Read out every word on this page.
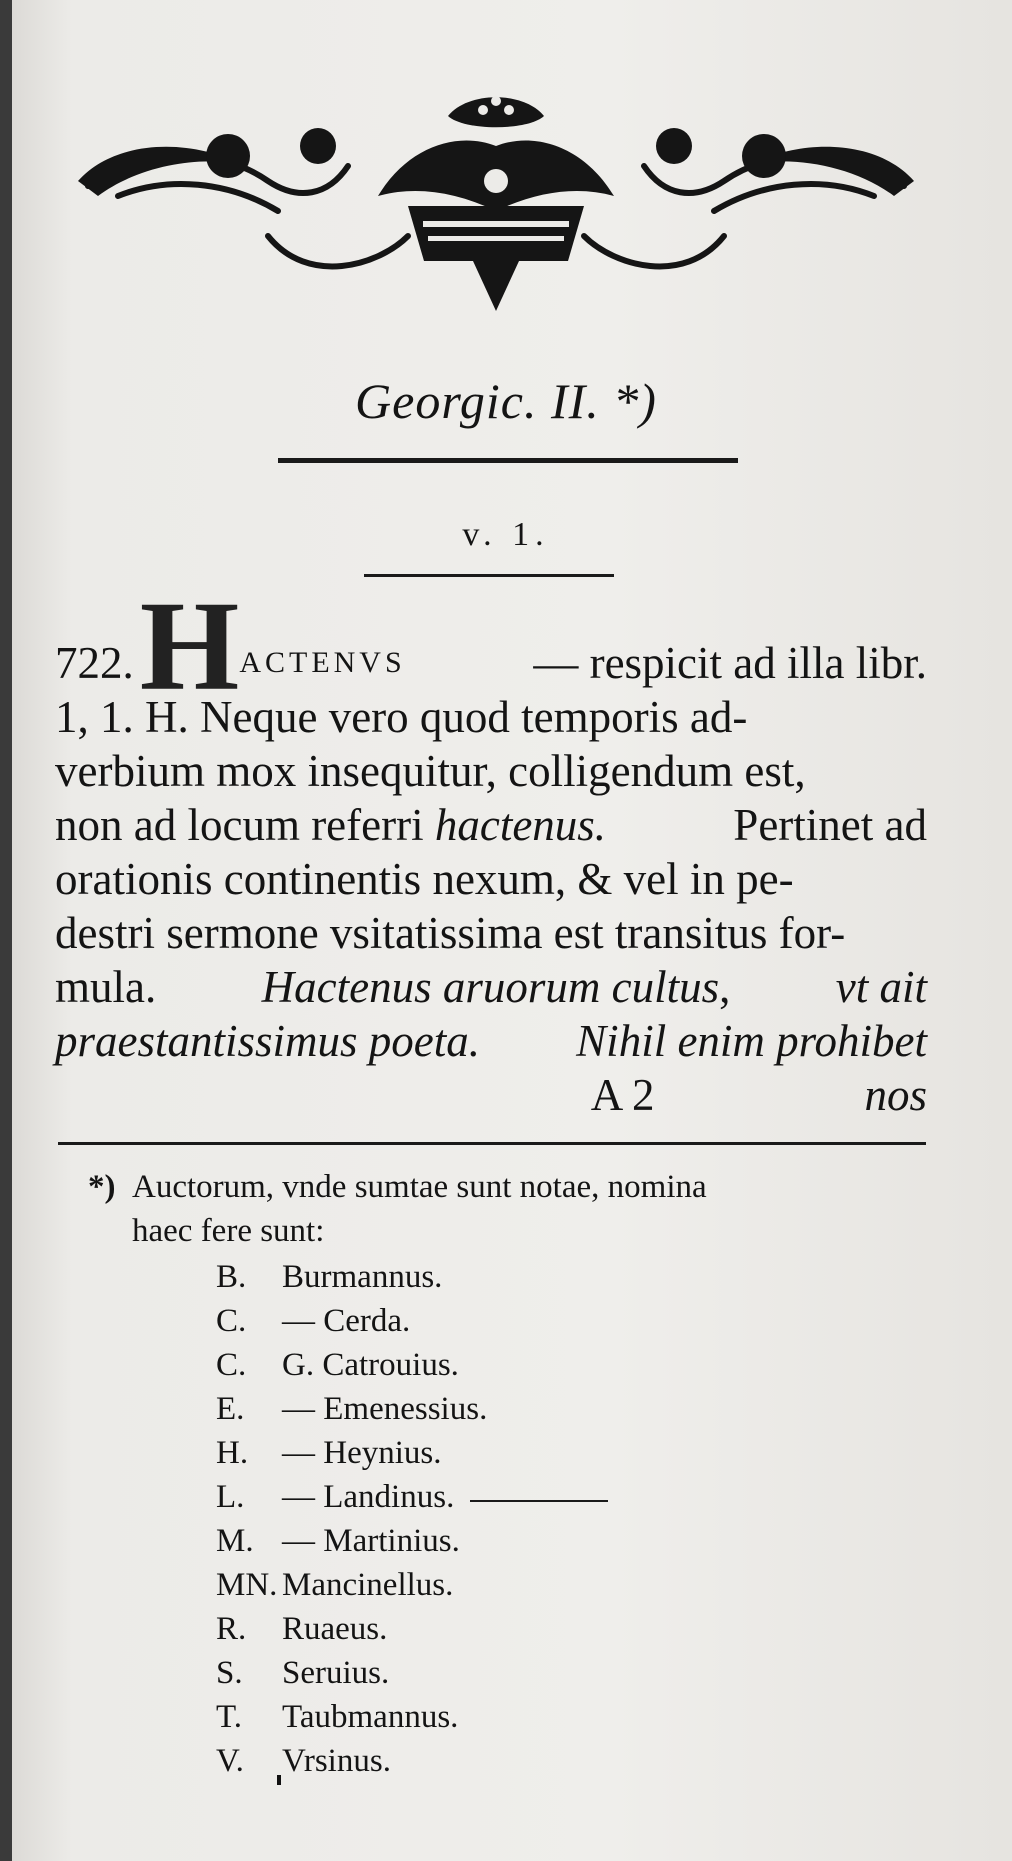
Georgic. II. *)
v. 1.
722. H ACTENVS	— respicit ad illa libr.
1, 1. H. Neque vero quod temporis ad-
verbium mox insequitur, colligendum est,
non ad locum referri hactenus.	Pertinet ad
orationis continentis nexum, & vel in pe-
destri sermone vsitatissima est transitus for-
mula. Hactenus aruorum cultus, vt ait
praestantissimus poeta. Nihil enim prohibet
A 2	nos
*) Auctorum, vnde sumtae sunt notae, nomina
haec fere sunt:
B.	Burmannus.
C.	— Cerda.
C.	G. Catrouius.
E.	— Emenessius.
H.	— Heynius.
L.	— Landinus.
M. — Martinius.
MN. Mancinellus.
R.	Ruaeus.
S.	Seruius.
T.	Taubmannus.
V.	Vrsinus.
